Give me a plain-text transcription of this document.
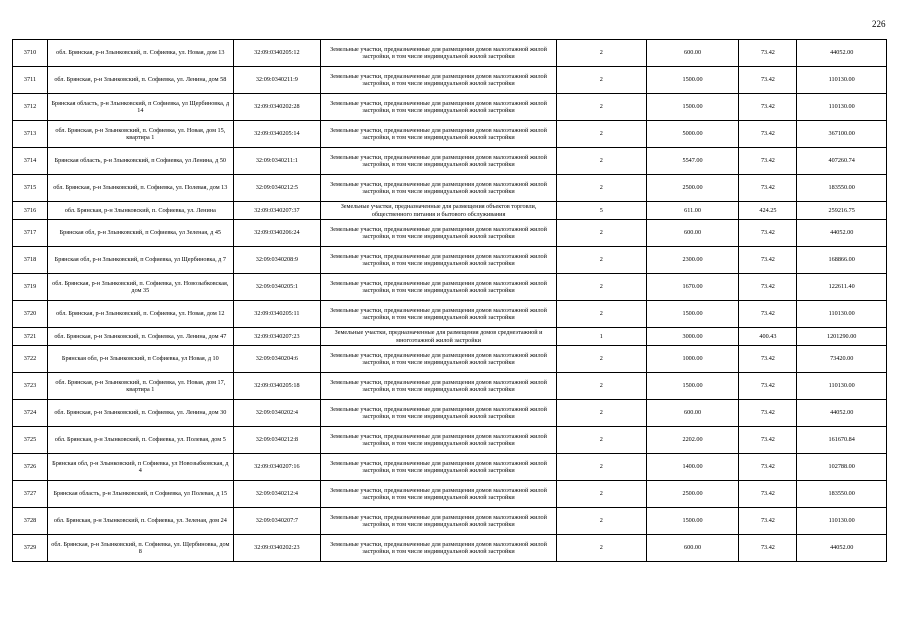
226
3710	обл. Брянская, р-н Злынковский, п. Софиевка, ул. Новая, дом 13	32:09:0340205:12	Земельные участки, предназначенные для размещения домов малоэтажной жилой застройки, в том числе индивидуальной жилой застройки	2	600.00	73.42	44052.00
3711	обл. Брянская, р-н Злынковский, п. Софиевка, ул. Ленина, дом 58	32:09:0340211:9	Земельные участки, предназначенные для размещения домов малоэтажной жилой застройки, в том числе индивидуальной жилой застройки	2	1500.00	73.42	110130.00
3712	Брянская область, р-н Злынковский, п Софиевка, ул Щербиновка, д 14	32:09:0340202:28	Земельные участки, предназначенные для размещения домов малоэтажной жилой застройки, в том числе индивидуальной жилой застройки	2	1500.00	73.42	110130.00
3713	обл. Брянская, р-н Злынковский, п. Софиевка, ул. Новая, дом 15, квартира 1	32:09:0340205:14	Земельные участки, предназначенные для размещения домов малоэтажной жилой застройки, в том числе индивидуальной жилой застройки	2	5000.00	73.42	367100.00
3714	Брянская область, р-н Злынковский, п Софиевка, ул Ленина, д 50	32:09:0340211:1	Земельные участки, предназначенные для размещения домов малоэтажной жилой застройки, в том числе индивидуальной жилой застройки	2	5547.00	73.42	407260.74
3715	обл. Брянская, р-н Злынковский, п. Софиевка, ул. Полевая, дом 13	32:09:0340212:5	Земельные участки, предназначенные для размещения домов малоэтажной жилой застройки, в том числе индивидуальной жилой застройки	2	2500.00	73.42	183550.00
3716	обл. Брянская, р-н Злынковский, п. Софиевка, ул. Ленина	32:09:0340207:37	Земельные участки, предназначенные для размещения объектов торговли, общественного питания и бытового обслуживания	5	611.00	424.25	259216.75
3717	Брянская обл, р-н Злынковский, п Софиевка, ул Зеленая, д 45	32:09:0340206:24	Земельные участки, предназначенные для размещения домов малоэтажной жилой застройки, в том числе индивидуальной жилой застройки	2	600.00	73.42	44052.00
3718	Брянская обл, р-н Злынковский, п Софиевка, ул Щербиновка, д 7	32:09:0340208:9	Земельные участки, предназначенные для размещения домов малоэтажной жилой застройки, в том числе индивидуальной жилой застройки	2	2300.00	73.42	168866.00
3719	обл. Брянская, р-н Злынковский, п. Софиевка, ул. Новозыбковская, дом 35	32:09:0340205:1	Земельные участки, предназначенные для размещения домов малоэтажной жилой застройки, в том числе индивидуальной жилой застройки	2	1670.00	73.42	122611.40
3720	обл. Брянская, р-н Злынковский, п. Софиевка, ул. Новая, дом 12	32:09:0340205:11	Земельные участки, предназначенные для размещения домов малоэтажной жилой застройки, в том числе индивидуальной жилой застройки	2	1500.00	73.42	110130.00
3721	обл. Брянская, р-н Злынковский, п. Софиевка, ул. Ленина, дом 47	32:09:0340207:23	Земельные участки, предназначенные для размещения домов среднеэтажной и многоэтажной жилой застройки	1	3000.00	400.43	1201290.00
3722	Брянская обл, р-н Злынковский, п Софиевка, ул Новая, д 10	32:09:0340204:6	Земельные участки, предназначенные для размещения домов малоэтажной жилой застройки, в том числе индивидуальной жилой застройки	2	1000.00	73.42	73420.00
3723	обл. Брянская, р-н Злынковский, п. Софиевка, ул. Новая, дом 17, квартира 1	32:09:0340205:18	Земельные участки, предназначенные для размещения домов малоэтажной жилой застройки, в том числе индивидуальной жилой застройки	2	1500.00	73.42	110130.00
3724	обл. Брянская, р-н Злынковский, п. Софиевка, ул. Ленина, дом 30	32:09:0340202:4	Земельные участки, предназначенные для размещения домов малоэтажной жилой застройки, в том числе индивидуальной жилой застройки	2	600.00	73.42	44052.00
3725	обл. Брянская, р-н Злынковский, п. Софиевка, ул. Полевая, дом 5	32:09:0340212:8	Земельные участки, предназначенные для размещения домов малоэтажной жилой застройки, в том числе индивидуальной жилой застройки	2	2202.00	73.42	161670.84
3726	Брянская обл, р-н Злынковский, п Софиевка, ул Новозыбковская, д 4	32:09:0340207:16	Земельные участки, предназначенные для размещения домов малоэтажной жилой застройки, в том числе индивидуальной жилой застройки	2	1400.00	73.42	102788.00
3727	Брянская область, р-н Злынковский, п Софиевка, ул Полевая, д 15	32:09:0340212:4	Земельные участки, предназначенные для размещения домов малоэтажной жилой застройки, в том числе индивидуальной жилой застройки	2	2500.00	73.42	183550.00
3728	обл. Брянская, р-н Злынковский, п. Софиевка, ул. Зеленая, дом 24	32:09:0340207:7	Земельные участки, предназначенные для размещения домов малоэтажной жилой застройки, в том числе индивидуальной жилой застройки	2	1500.00	73.42	110130.00
3729	обл. Брянская, р-н Злынковский, п. Софиевка, ул. Щербиновка, дом 8	32:09:0340202:23	Земельные участки, предназначенные для размещения домов малоэтажной жилой застройки, в том числе индивидуальной жилой застройки	2	600.00	73.42	44052.00
